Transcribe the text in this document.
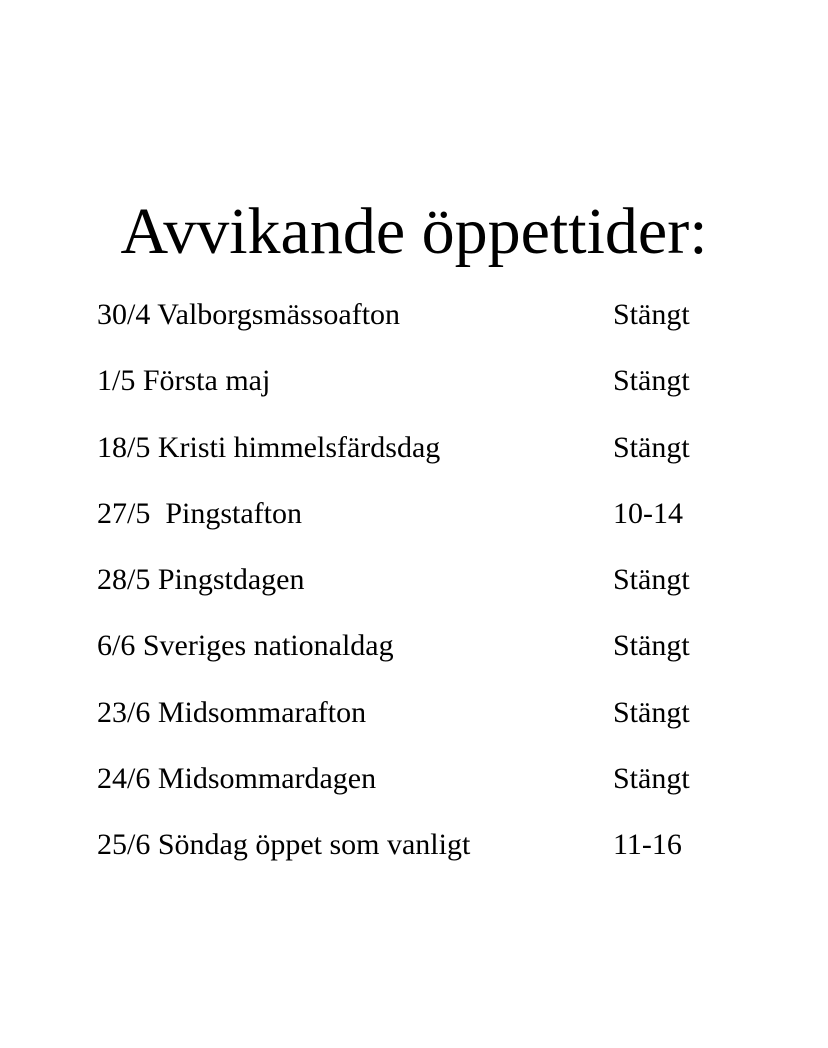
Avvikande öppettider:
30/4 Valborgsmässoafton	Stängt
1/5 Första maj	Stängt
18/5 Kristi himmelsfärdsdag	Stängt
27/5  Pingstafton	10-14
28/5 Pingstdagen	Stängt
6/6 Sveriges nationaldag	Stängt
23/6 Midsommarafton	Stängt
24/6 Midsommardagen	Stängt
25/6 Söndag öppet som vanligt	11-16
